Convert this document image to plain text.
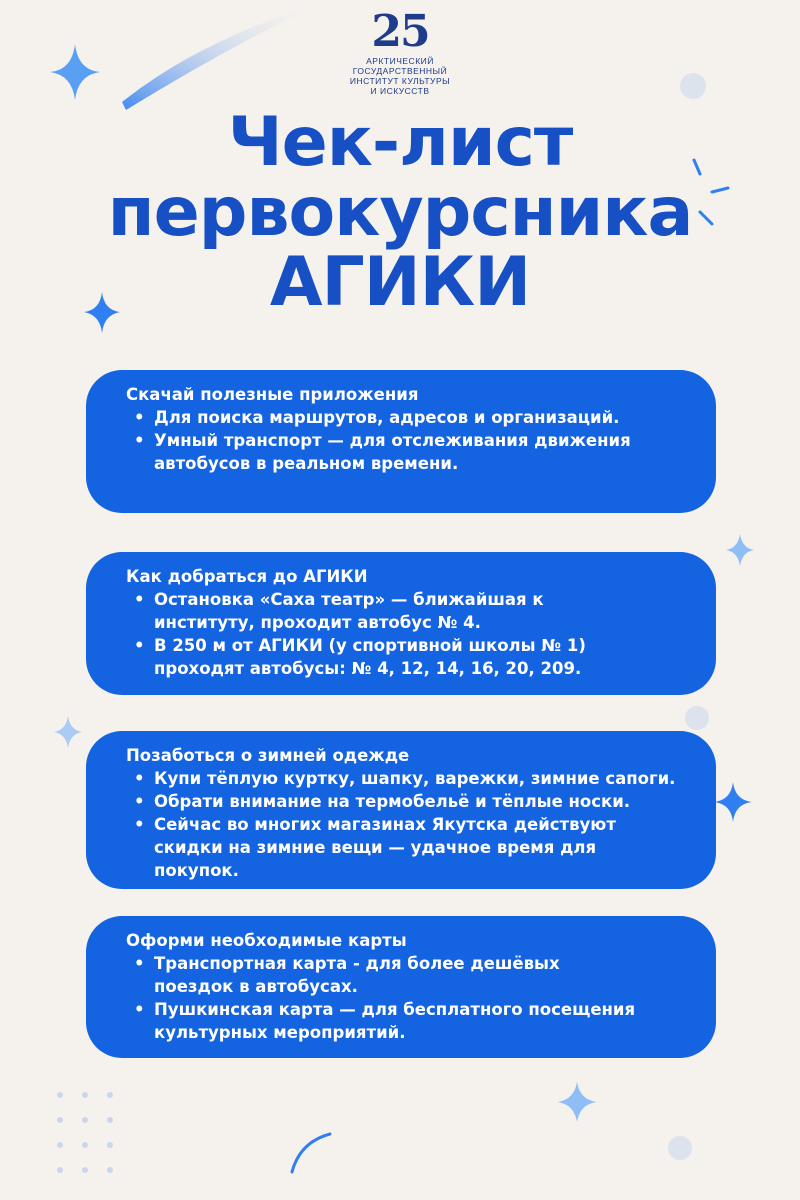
25
АРКТИЧЕСКИЙ
ГОСУДАРСТВЕННЫЙ
ИНСТИТУТ КУЛЬТУРЫ
И ИСКУССТВ
Чек-лист
первокурсника
АГИКИ

Скачай полезные приложения

• Для поиска маршрутов, адресов и организаций.
• Умный транспорт — для отслеживания движения автобусов в реальном времени.

Как добраться до АГИКИ

• Остановка «Саха театр» — ближайшая к институту, проходит автобус № 4.
• В 250 м от АГИКИ (у спортивной школы № 1) проходят автобусы: № 4, 12, 14, 16, 20, 209.

Позаботься о зимней одежде

• Купи тёплую куртку, шапку, варежки, зимние сапоги.
• Обрати внимание на термобельё и тёплые носки.
• Сейчас во многих магазинах Якутска действуют скидки на зимние вещи — удачное время для покупок.

Оформи необходимые карты

• Транспортная карта - для более дешёвых поездок в автобусах.
• Пушкинская карта — для бесплатного посещения культурных мероприятий.
